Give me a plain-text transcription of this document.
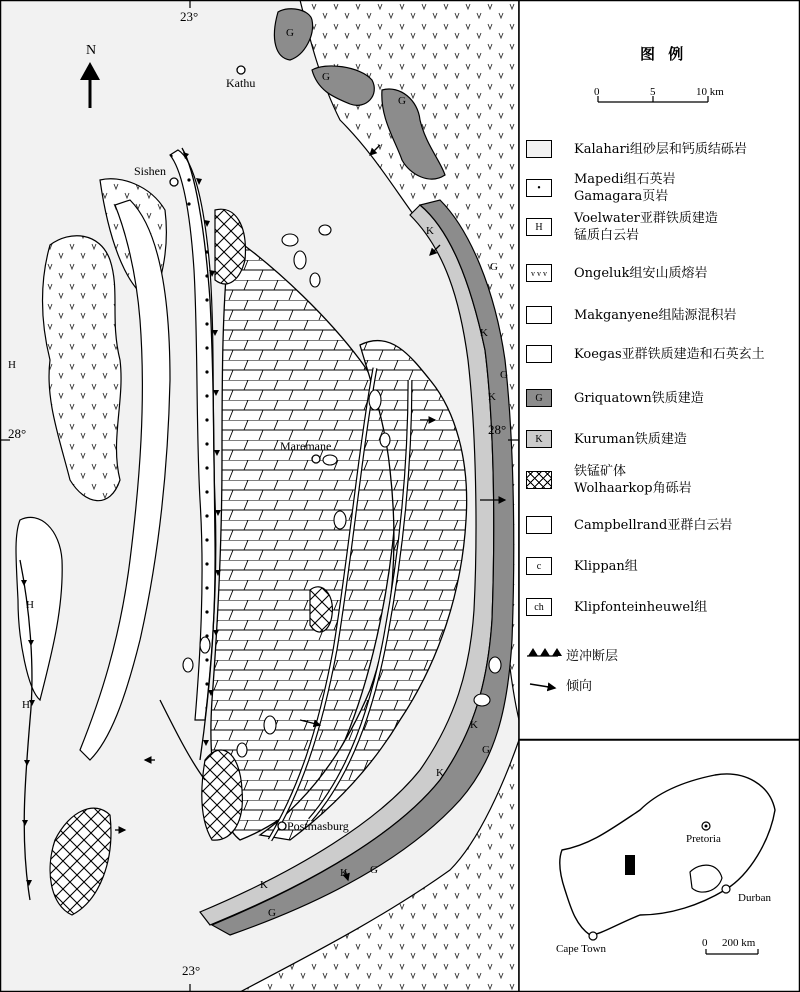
N
23°
23°
28°	28°
Kathu
Sishen
Maremane
Postmasburg
G
G
G
G
G
G
G
G
K
K
K
K
K
K
K
H
H
H
图 例
0	5	10 km
Kalahari组砂层和钙质结砾岩
•
Mapedi组石英岩
Gamagara页岩
H
Voelwater亚群铁质建造
锰质白云岩
v v v	Ongeluk组安山质熔岩
Makganyene组陆源混积岩
Koegas亚群铁质建造和石英玄土
G	Griquatown铁质建造
K	Kuruman铁质建造
铁锰矿体
Wolhaarkop角砾岩
Campbellrand亚群白云岩
c	Klippan组
ch	Klipfonteinheuwel组
逆冲断层
倾向
Pretoria
Durban
Cape Town	0 200 km
